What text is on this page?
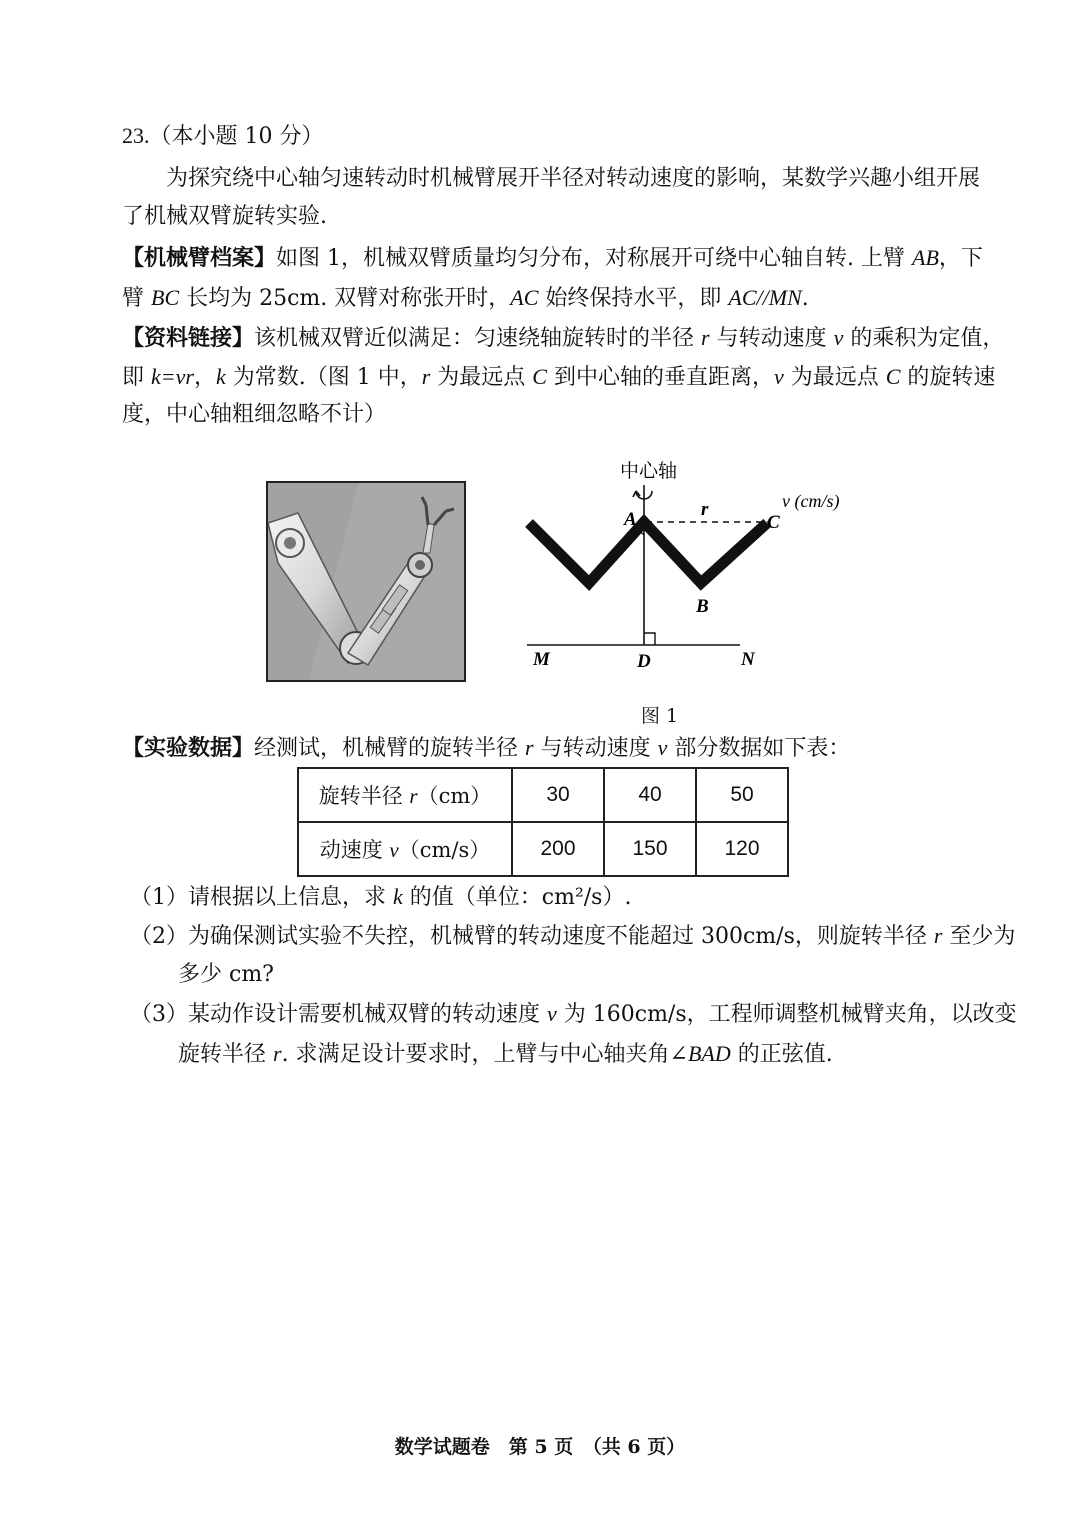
23.（本小题 10 分）
为探究绕中心轴匀速转动时机械臂展开半径对转动速度的影响，某数学兴趣小组开展
了机械双臂旋转实验.
【机械臂档案】如图 1，机械双臂质量均匀分布，对称展开可绕中心轴自转. 上臂 AB，下
臂 BC 长均为 25cm. 双臂对称张开时，AC 始终保持水平，即 AC//MN.
【资料链接】该机械双臂近似满足：匀速绕轴旋转时的半径 r 与转动速度 v 的乘积为定值，
即 k=vr，k 为常数.（图 1 中，r 为最远点 C 到中心轴的垂直距离，v 为最远点 C 的旋转速
度，中心轴粗细忽略不计）
中心轴
v (cm/s)
A	r
C
B
M	D	N
图 1
【实验数据】经测试，机械臂的旋转半径 r 与转动速度 v 部分数据如下表：
旋转半径 r（cm）	30	40	50
动速度 v（cm/s）	200	150	120
（1）请根据以上信息，求 k 的值（单位：cm²/s）.
（2）为确保测试实验不失控，机械臂的转动速度不能超过 300cm/s，则旋转半径 r 至少为
多少 cm?
（3）某动作设计需要机械双臂的转动速度 v 为 160cm/s，工程师调整机械臂夹角，以改变
旋转半径 r. 求满足设计要求时，上臂与中心轴夹角∠BAD 的正弦值.
数学试题卷　第 5 页　（共 6 页）
